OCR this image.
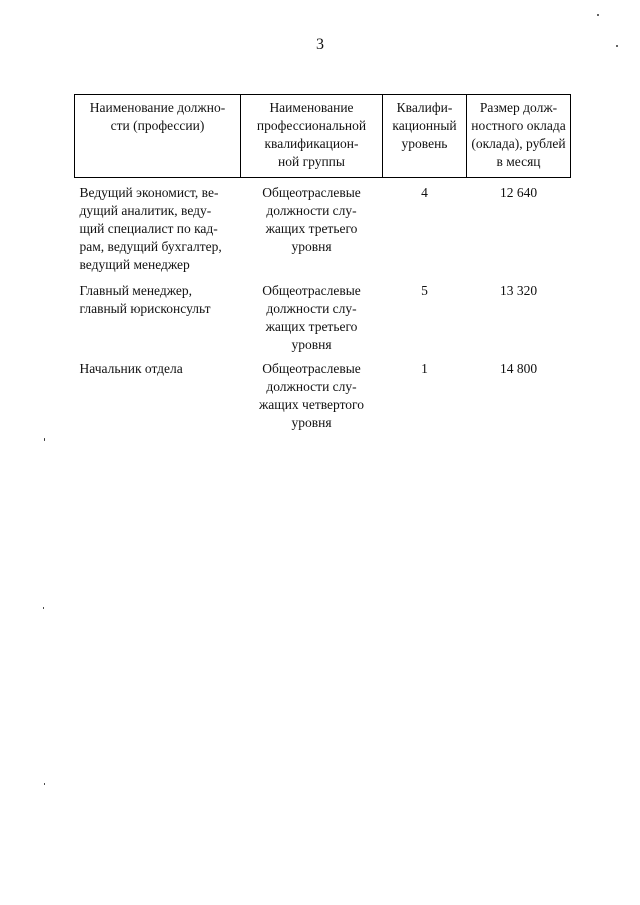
3
Наименование должно-
сти (профессии)	Наименование
профессиональной
квалификацион-
ной группы	Квалифи-
кационный
уровень	Размер долж-
ностного оклада
(оклада), рублей
в месяц
Ведущий экономист, ве-
дущий аналитик, веду-
щий специалист по кад-
рам, ведущий бухгалтер,
ведущий менеджер	Общеотраслевые
должности слу-
жащих третьего
уровня	4	12 640
Главный менеджер,
главный юрисконсульт	Общеотраслевые
должности слу-
жащих третьего
уровня	5	13 320
Начальник отдела	Общеотраслевые
должности слу-
жащих четвертого
уровня	1	14 800
